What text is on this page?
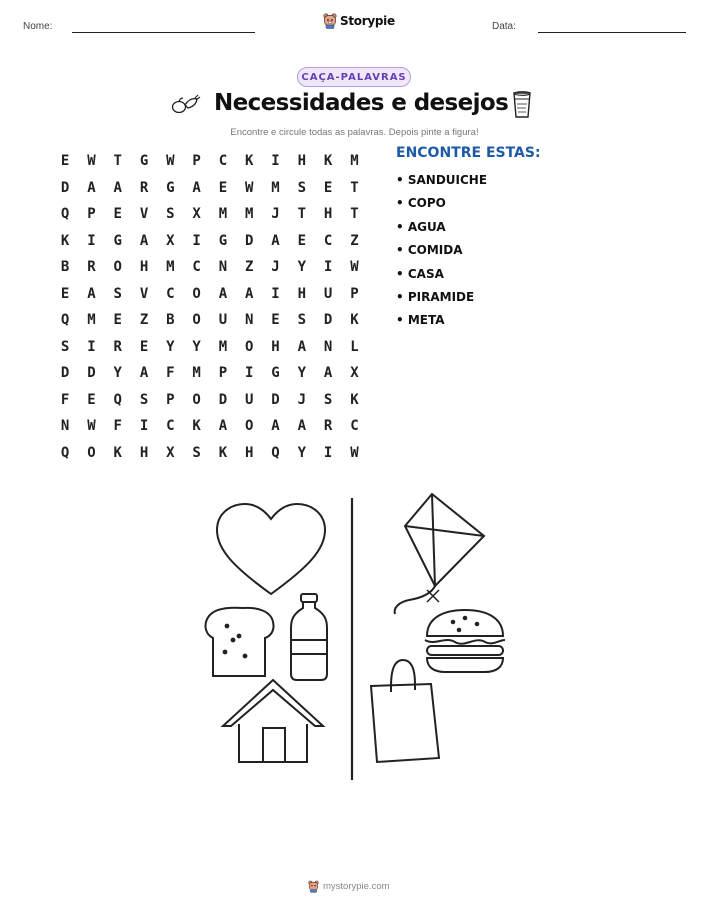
Nome:	Storypie	Data:
CAÇA-PALAVRAS
Necessidades e desejos
Encontre e circule todas as palavras. Depois pinte a figura!
E	W	T	G	W	P	C	K	I	H	K	M
D	A	A	R	G	A	E	W	M	S	E	T
Q	P	E	V	S	X	M	M	J	T	H	T
K	I	G	A	X	I	G	D	A	E	C	Z
B	R	O	H	M	C	N	Z	J	Y	I	W
E	A	S	V	C	O	A	A	I	H	U	P
Q	M	E	Z	B	O	U	N	E	S	D	K
S	I	R	E	Y	Y	M	O	H	A	N	L
D	D	Y	A	F	M	P	I	G	Y	A	X
F	E	Q	S	P	O	D	U	D	J	S	K
N	W	F	I	C	K	A	O	A	A	R	C
Q	O	K	H	X	S	K	H	Q	Y	I	W
ENCONTRE ESTAS:
• SANDUICHE
• COPO
• AGUA
• COMIDA
• CASA
• PIRAMIDE
• META
mystorypie.com
